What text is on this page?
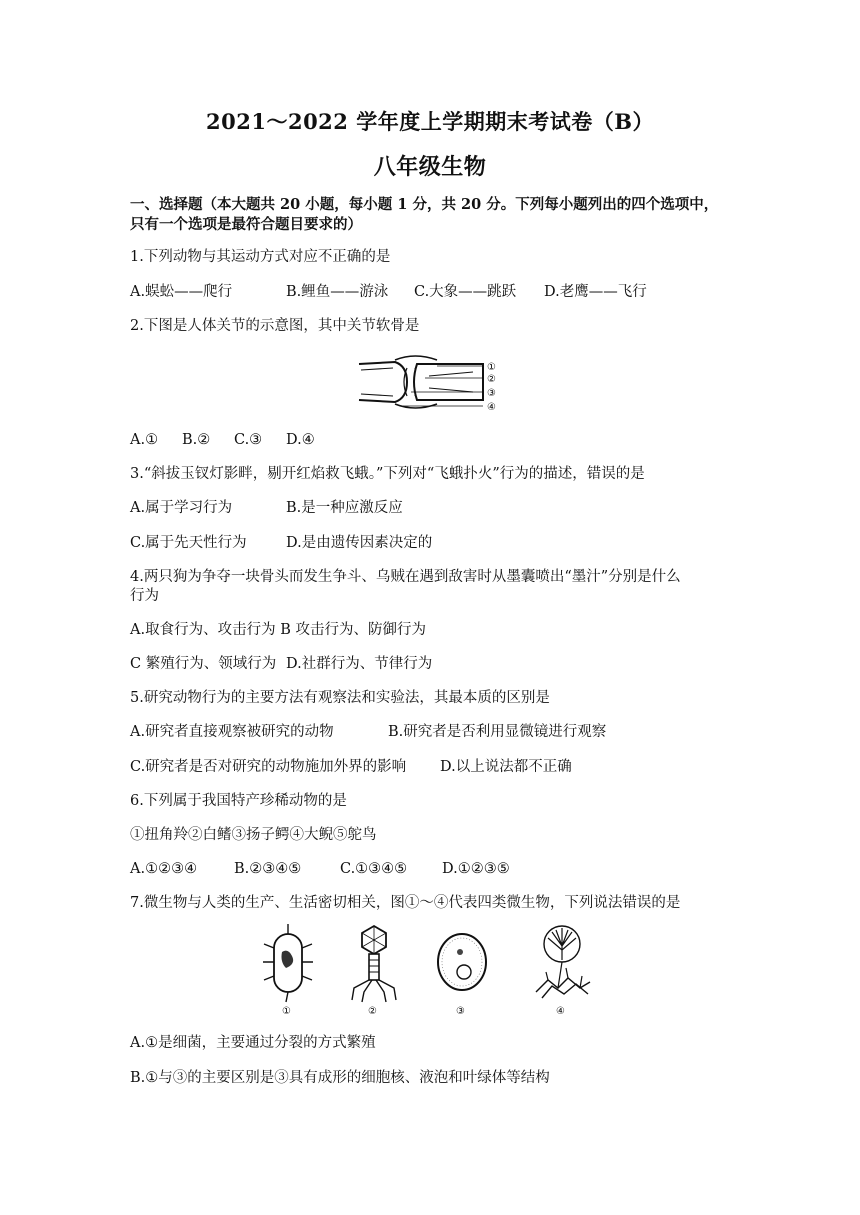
2021～2022 学年度上学期期末考试卷（B）
八年级生物
一、选择题（本大题共 20 小题，每小题 1 分，共 20 分。下列每小题列出的四个选项中，
只有一个选项是最符合题目要求的）
1.下列动物与其运动方式对应不正确的是
A.蜈蚣——爬行	B.鲤鱼——游泳 C.大象——跳跃 D.老鹰——飞行
2.下图是人体关节的示意图，其中关节软骨是
①
②
③
④
A.① B.② C.③ D.④
3.“斜拔玉钗灯影畔，剔开红焰救飞蛾。”下列对“飞蛾扑火”行为的描述，错误的是
A.属于学习行为	B.是一种应激反应
C.属于先天性行为	D.是由遗传因素决定的
4.两只狗为争夺一块骨头而发生争斗、乌贼在遇到敌害时从墨囊喷出“墨汁”分别是什么
行为
A.取食行为、攻击行为 B 攻击行为、防御行为
C 繁殖行为、领域行为 D.社群行为、节律行为
5.研究动物行为的主要方法有观察法和实验法，其最本质的区别是
A.研究者直接观察被研究的动物	B.研究者是否利用显微镜进行观察
C.研究者是否对研究的动物施加外界的影响 D.以上说法都不正确
6.下列属于我国特产珍稀动物的是
①扭角羚②白鳍③扬子鳄④大鲵⑤鸵鸟
A.①②③④	B.②③④⑤	C.①③④⑤ D.①②③⑤
7.微生物与人类的生产、生活密切相关，图①～④代表四类微生物，下列说法错误的是
①	②	③	④
A.①是细菌，主要通过分裂的方式繁殖
B.①与③的主要区别是③具有成形的细胞核、液泡和叶绿体等结构
